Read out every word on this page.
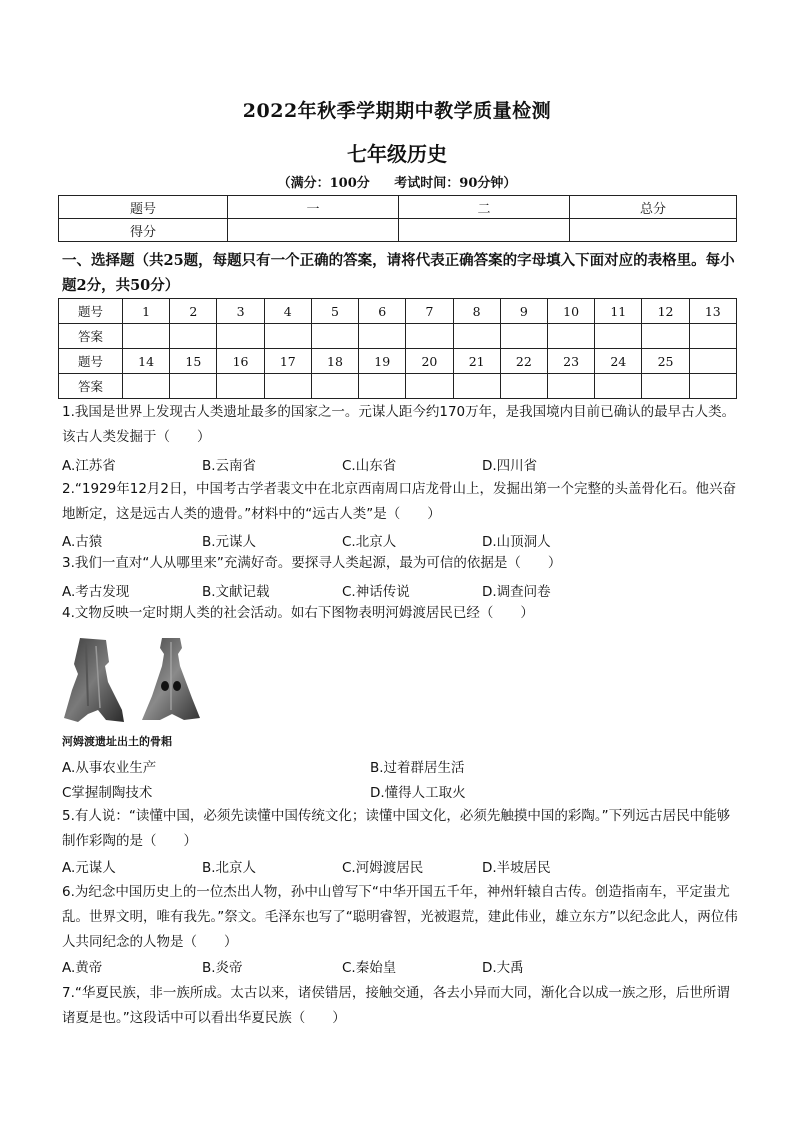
2022年秋季学期期中教学质量检测
七年级历史
（满分：100分 考试时间：90分钟）
题号	一	二	总分
得分			
一、选择题（共25题，每题只有一个正确的答案，请将代表正确答案的字母填入下面对应的表格里。每小题2分，共50分）
题号	1	2	3	4	5	6	7	8	9	10	11	12	13
答案													
题号	14	15	16	17	18	19	20	21	22	23	24	25	
答案													
1.我国是世界上发现古人类遗址最多的国家之一。元谋人距今约170万年，是我国境内目前已确认的最早古人类。该古人类发掘于（　　）
A.江苏省	B.云南省	C.山东省	D.四川省
2.“1929年12月2日，中国考古学者裴文中在北京西南周口店龙骨山上，发掘出第一个完整的头盖骨化石。他兴奋地断定，这是远古人类的遗骨。”材料中的“远古人类”是（　　）
A.古猿	B.元谋人	C.北京人	D.山顶洞人
3.我们一直对“人从哪里来”充满好奇。要探寻人类起源，最为可信的依据是（　　）
A.考古发现	B.文献记载	C.神话传说	D.调查问卷
4.文物反映一定时期人类的社会活动。如右下图物表明河姆渡居民已经（　　）
河姆渡遗址出土的骨耜
A.从事农业生产	B.过着群居生活
C掌握制陶技术	D.懂得人工取火
5.有人说：“读懂中国，必须先读懂中国传统文化；读懂中国文化，必须先触摸中国的彩陶。”下列远古居民中能够制作彩陶的是（　　）
A.元谋人	B.北京人	C.河姆渡居民	D.半坡居民
6.为纪念中国历史上的一位杰出人物，孙中山曾写下“中华开国五千年，神州轩辕自古传。创造指南车，平定蚩尤乱。世界文明，唯有我先。”祭文。毛泽东也写了“聪明睿智，光被遐荒，建此伟业，雄立东方”以纪念此人，两位伟人共同纪念的人物是（　　）
A.黄帝	B.炎帝	C.秦始皇	D.大禹
7.“华夏民族，非一族所成。太古以来，诸侯错居，接触交通，各去小异而大同，渐化合以成一族之形，后世所谓诸夏是也。”这段话中可以看出华夏民族（　　）
